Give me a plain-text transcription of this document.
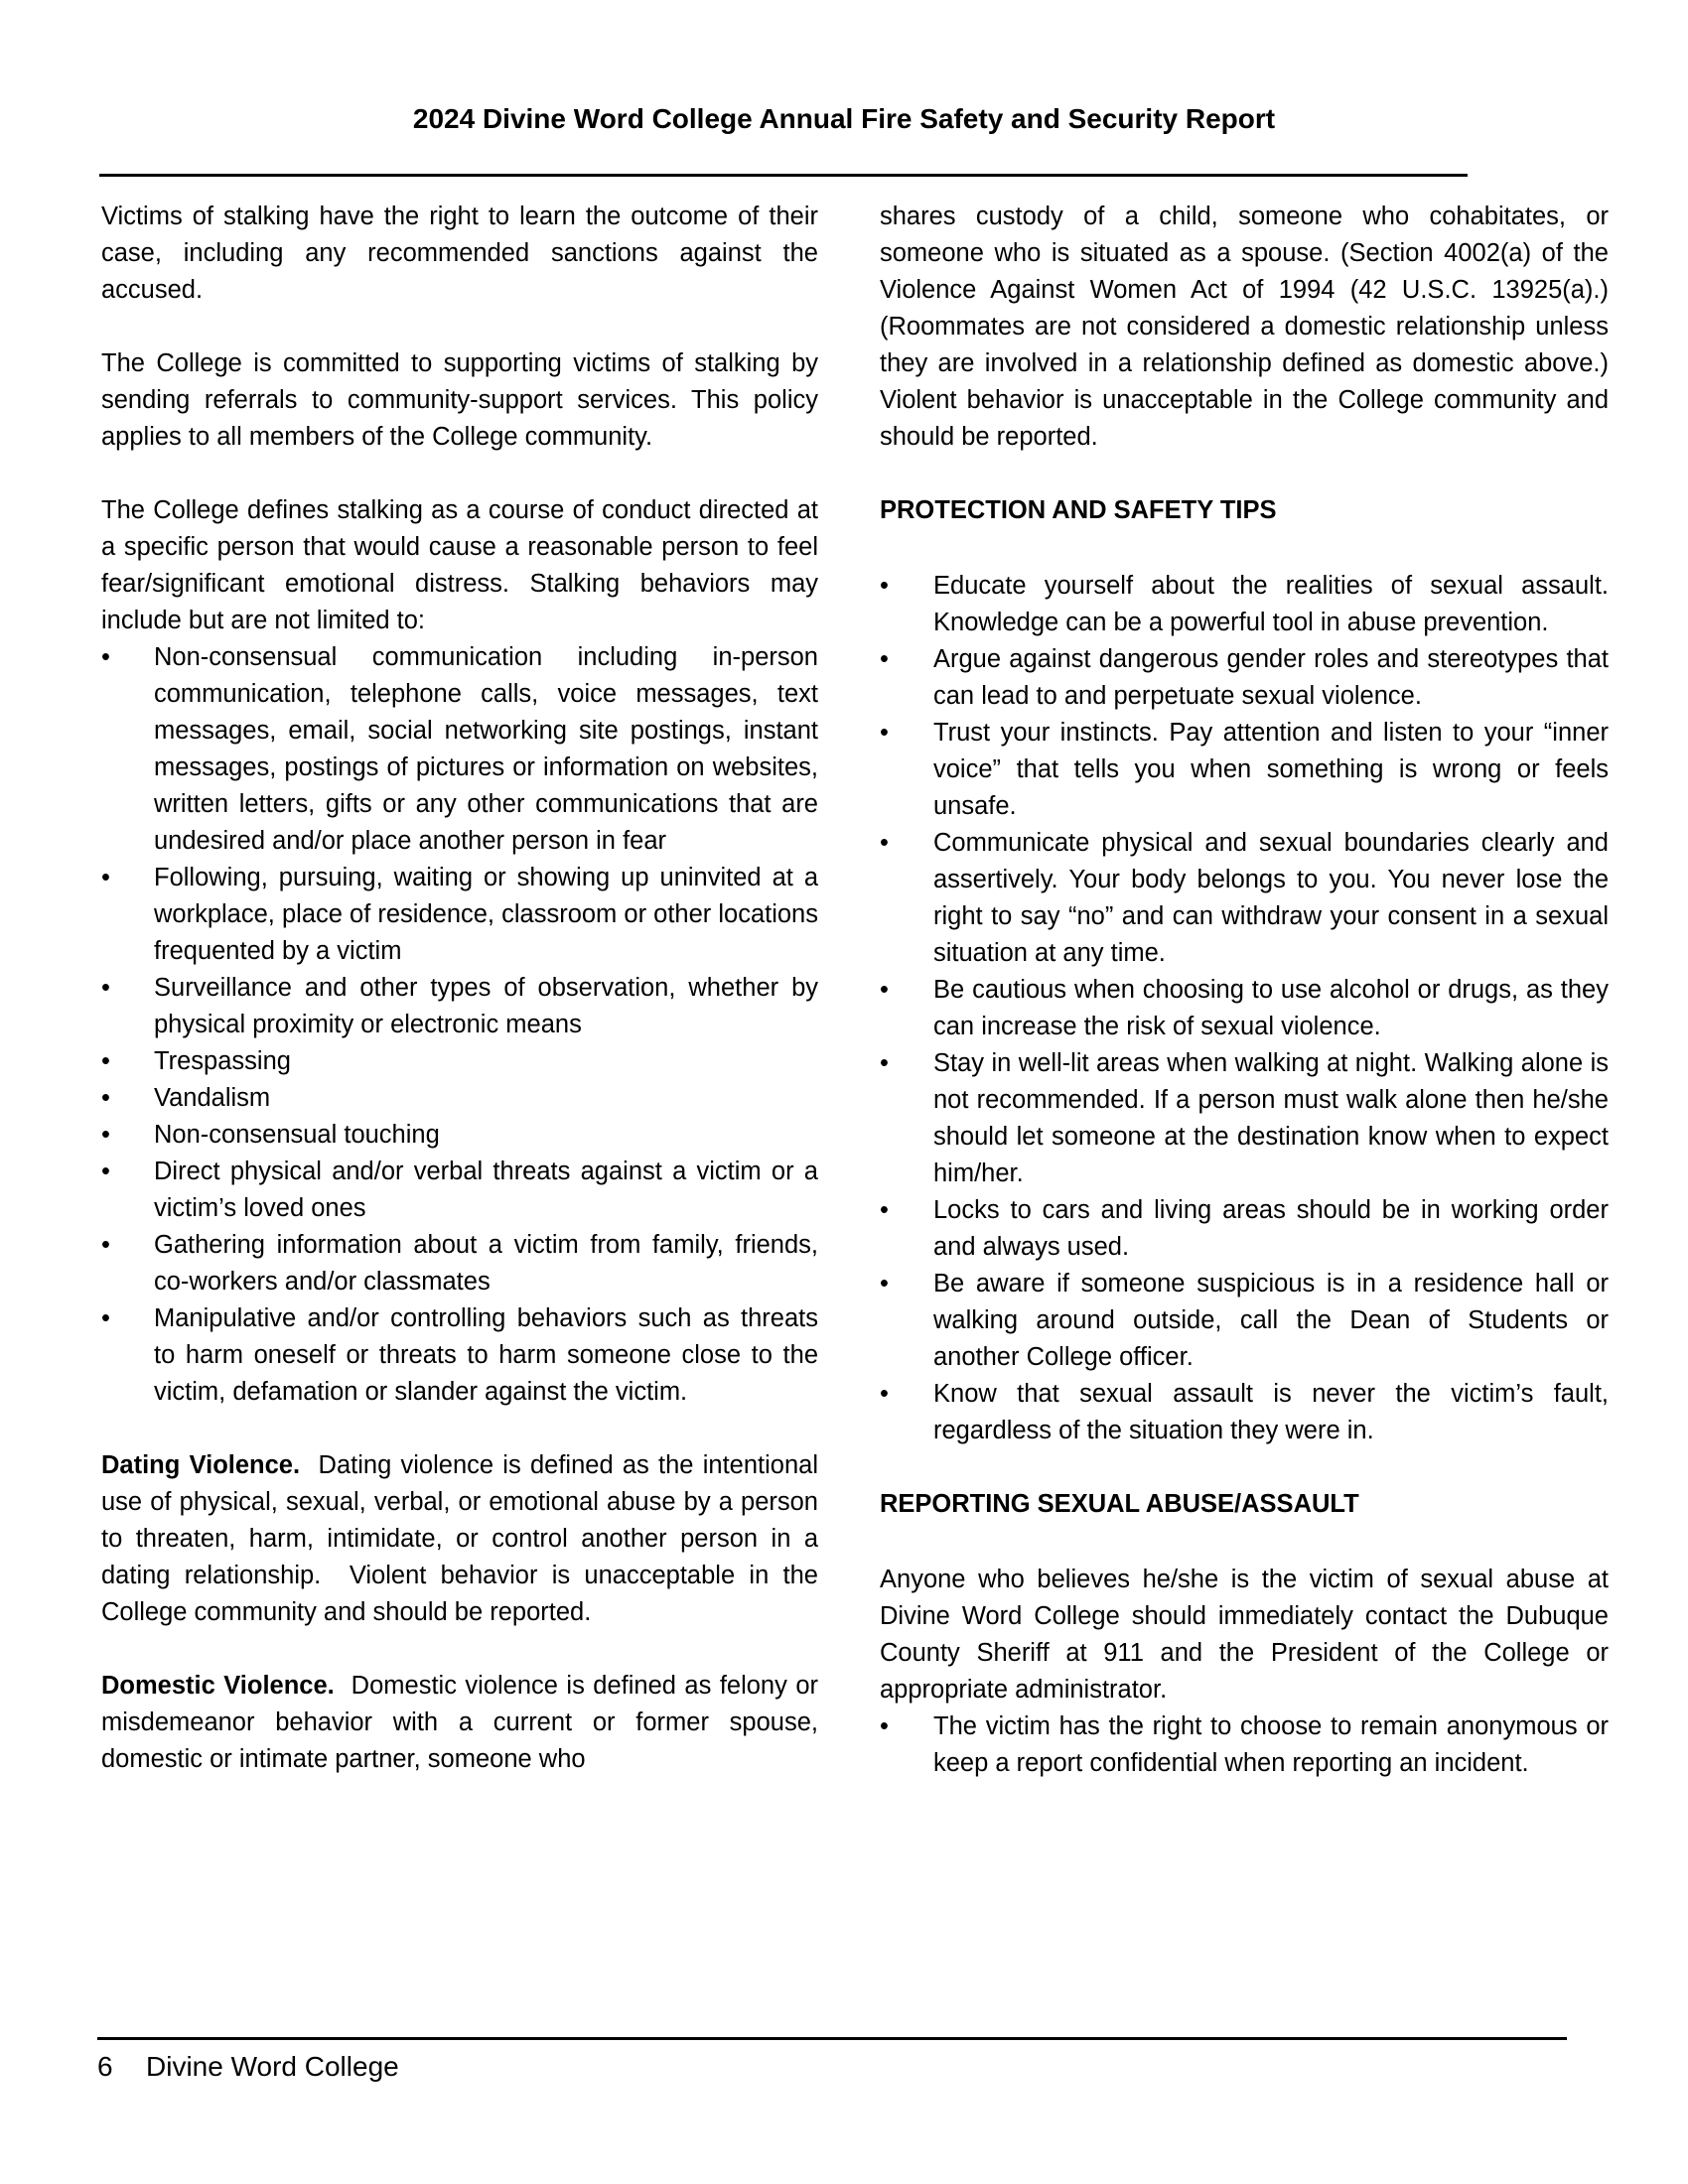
2024 Divine Word College Annual Fire Safety and Security Report

Victims of stalking have the right to learn the outcome of their case, including any recommended sanctions against the accused.

The College is committed to supporting victims of stalking by sending referrals to community-support services. This policy applies to all members of the College community.

The College defines stalking as a course of conduct directed at a specific person that would cause a reasonable person to feel fear/significant emotional distress. Stalking behaviors may include but are not limited to:

•	Non-consensual communication including in-person communication, telephone calls, voice messages, text messages, email, social networking site postings, instant messages, postings of pictures or information on websites, written letters, gifts or any other communications that are undesired and/or place another person in fear
•	Following, pursuing, waiting or showing up uninvited at a workplace, place of residence, classroom or other locations frequented by a victim
•	Surveillance and other types of observation, whether by physical proximity or electronic means
•	Trespassing
•	Vandalism
•	Non-consensual touching
•	Direct physical and/or verbal threats against a victim or a victim’s loved ones
•	Gathering information about a victim from family, friends, co-workers and/or classmates
•	Manipulative and/or controlling behaviors such as threats to harm oneself or threats to harm someone close to the victim, defamation or slander against the victim.

Dating Violence.  Dating violence is defined as the intentional use of physical, sexual, verbal, or emotional abuse by a person to threaten, harm, intimidate, or control another person in a dating relationship.  Violent behavior is unacceptable in the College community and should be reported.

Domestic Violence.  Domestic violence is defined as felony or misdemeanor behavior with a current or former spouse, domestic or intimate partner, someone who

shares custody of a child, someone who cohabitates, or someone who is situated as a spouse. (Section 4002(a) of the Violence Against Women Act of 1994 (42 U.S.C. 13925(a).) (Roommates are not considered a domestic relationship unless they are involved in a relationship defined as domestic above.) Violent behavior is unacceptable in the College community and should be reported.

PROTECTION AND SAFETY TIPS
•	Educate yourself about the realities of sexual assault. Knowledge can be a powerful tool in abuse prevention.
•	Argue against dangerous gender roles and stereotypes that can lead to and perpetuate sexual violence.
•	Trust your instincts. Pay attention and listen to your “inner voice” that tells you when something is wrong or feels unsafe.
•	Communicate physical and sexual boundaries clearly and assertively. Your body belongs to you. You never lose the right to say “no” and can withdraw your consent in a sexual situation at any time.
•	Be cautious when choosing to use alcohol or drugs, as they can increase the risk of sexual violence.
•	Stay in well-lit areas when walking at night. Walking alone is not recommended. If a person must walk alone then he/she should let someone at the destination know when to expect him/her.
•	Locks to cars and living areas should be in working order and always used.
•	Be aware if someone suspicious is in a residence hall or walking around outside, call the Dean of Students or another College officer.
•	Know that sexual assault is never the victim’s fault, regardless of the situation they were in.
REPORTING SEXUAL ABUSE/ASSAULT

Anyone who believes he/she is the victim of sexual abuse at Divine Word College should immediately contact the Dubuque County Sheriff at 911 and the President of the College or appropriate administrator.

•	The victim has the right to choose to remain anonymous or keep a report confidential when reporting an incident.
6 Divine Word College
